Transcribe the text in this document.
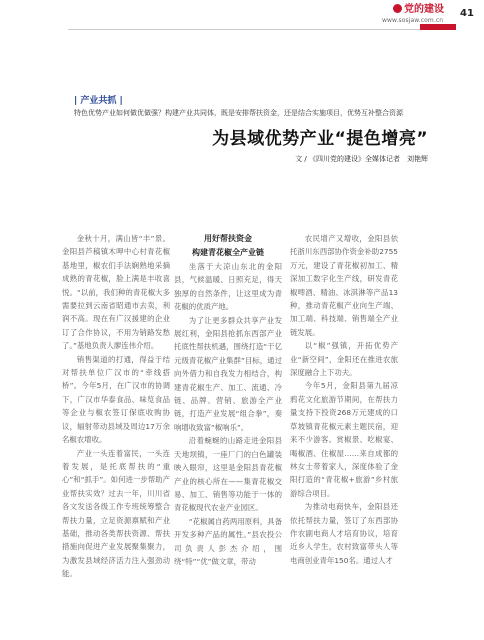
党的建设
www.sosjaw.com.cn
41
| 产业共抓 |
特色优势产业如何做优做强？构建产业共同体，既是安排帮扶资金，还是结合实施项目，优势互补整合资源
为县域优势产业“提色增亮”
文 / 《四川党的建设》全媒体记者　刘艳辉

金秋十月，满山皆“丰”景。金阳县芦稿镇木呷中心村青花椒基地里，椒农们手法娴熟地采摘成熟的青花椒，脸上满是丰收喜悦。“以前，我们种的青花椒大多需要拉到云南省昭通市去卖，利润不高。现在有广汉援建的企业订了合作协议，不用为销路发愁了。”基地负责人廖连伟介绍。

销售渠道的打通，得益于结对帮扶单位广汉市的“牵线搭桥”。今年5月，在广汉市的协调下，广汉市华泰食品、味览食品等企业与椒农签订保底收购协议，辐射带动县域及周边17万余名椒农增收。

产业一头连着富民，一头连着发展，是托底帮扶的“重心”和“抓手”。如何进一步帮助产业帮扶实效？过去一年，川川省各文发送各级工作专班统筹整合帮扶力量，立足资源禀赋和产业基础，推动各类帮扶资源、帮扶措施向促进产业发展聚集聚力，为激发县域经济活力注入强劲动能。

用好帮扶资金

构建青花椒全产业链

坐落于大凉山东北的金阳县，气候温暖、日照充足，得天独厚的自然条件，让这里成为青花椒的优质产地。

为了让更多群众共享产业发展红利，金阳县抢抓东西部产业托底性帮扶机遇，围绕打造“干亿元级青花椒产业集群”目标，通过向外借力和自我发力相结合，构建青花椒生产、加工、流通、冷链、品牌、营销、旅游全产业链，打造产业发展“组合拳”，奏响增收致富“椒响乐”。

沿着蜿蜒的山路走进金阳县天地坝镇，一座厂门的白色罐装映入眼帘，这里是金阳县青花椒产业的核心所在——集青花椒交易、加工、销售等功能于一体的青花椒现代农业产业园区。

“花椒属自药两用原料，具备开发多种产品的属性。”县农投公司负责人彭杰介绍，围绕“特”“优”做文章，带动

农民增产又增收，金阳县依托浙川东西部协作资金补助2755万元，建设了青花椒初加工、精深加工数字化生产线，研发青花椒啤酒、精油、冰淇淋等产品13种，推动青花椒产业向生产端、加工端、科技端、销售端全产业链发展。

以“椒”强镇，开拓优势产业“新空间”，金阳还在推进农旅深度融合上下功夫。

今年5月，金阳县第九届凉鸦花文化旅游节期间，在帮扶力量支持下投资268万元建成的口草坡镇青花椒元素主题民宿，迎来不少游客。赏椒景、吃椒宴、喝椒酒、住椒屋……来自成都的林女士带着家人，深度体验了金阳打造的“青花椒+旅游”乡村旅游综合项目。

为推动电商快车，金阳县还依托帮扶力量，签订了东西部协作农副电商人才培育协议，培育近乡人学生，农村致富带头人等电商创业青年150名。通过人才
